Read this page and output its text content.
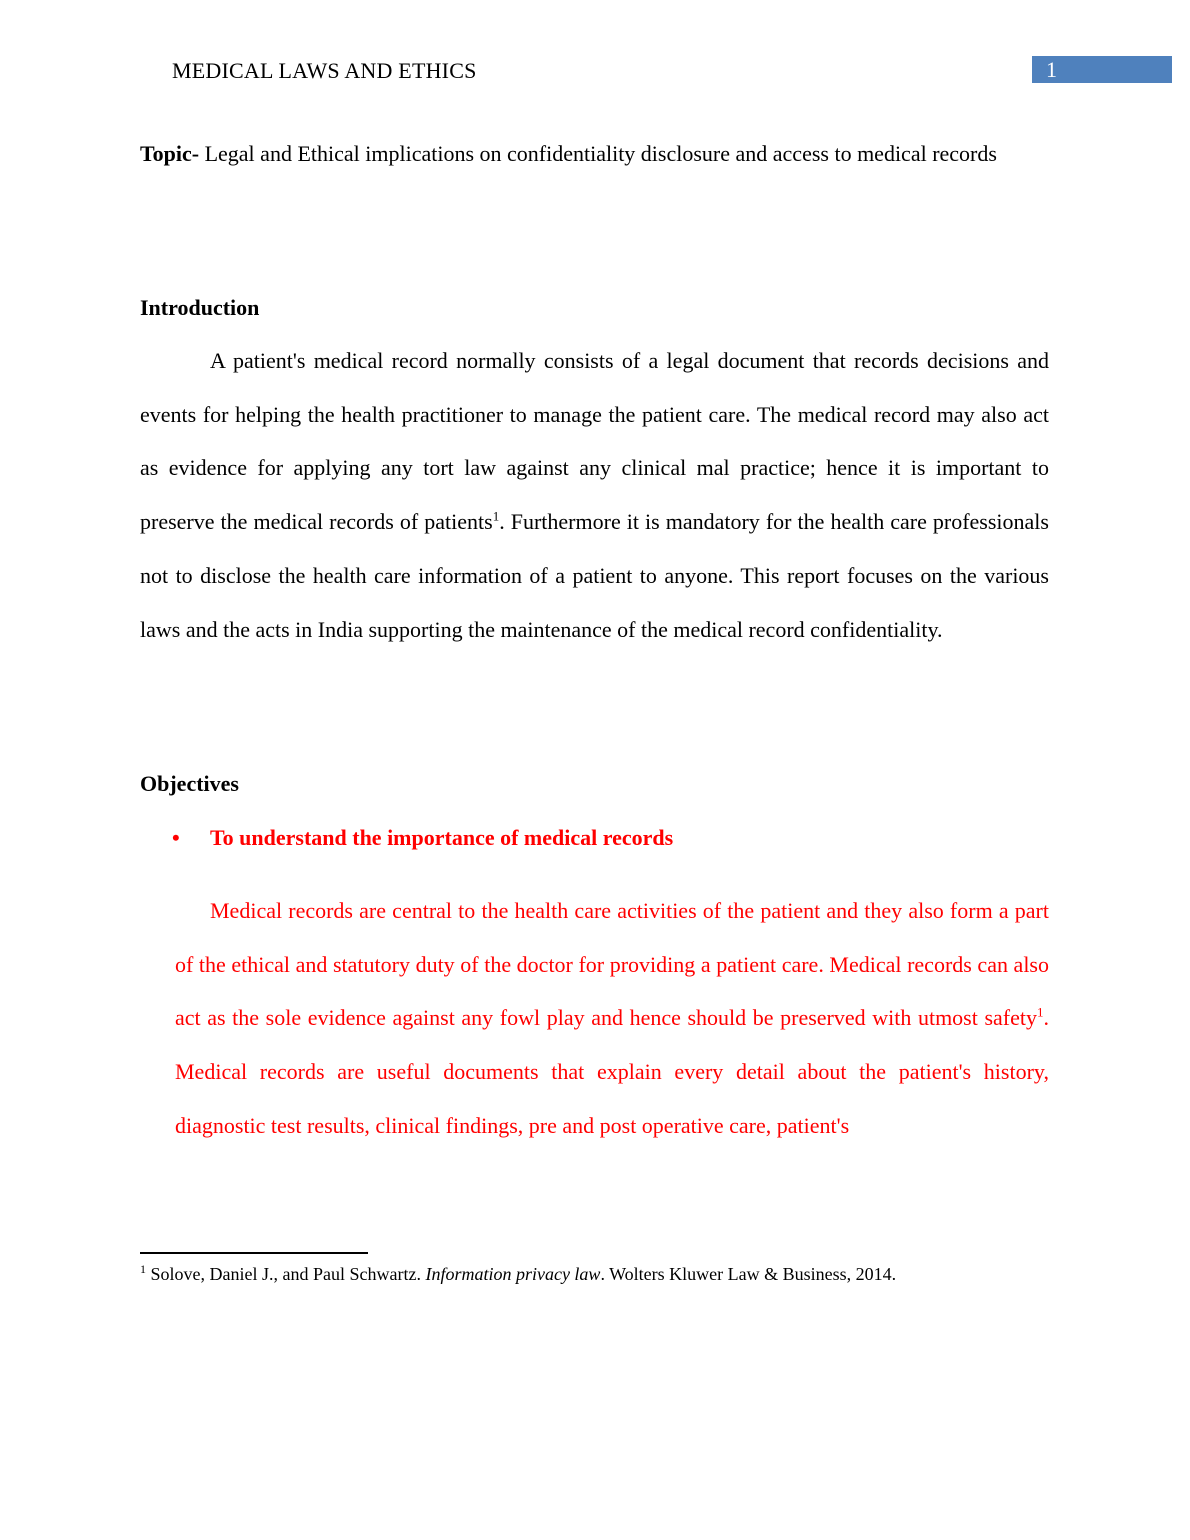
MEDICAL LAWS AND ETHICS	1
Topic- Legal and Ethical implications on confidentiality disclosure and access to medical records
Introduction

A patient's medical record normally consists of a legal document that records decisions and events for helping the health practitioner to manage the patient care. The medical record may also act as evidence for applying any tort law against any clinical mal practice; hence it is important to preserve the medical records of patients$^1$. Furthermore it is mandatory for the health care professionals not to disclose the health care information of a patient to anyone. This report focuses on the various laws and the acts in India supporting the maintenance of the medical record confidentiality.

Objectives
• To understand the importance of medical records

Medical records are central to the health care activities of the patient and they also form a part of the ethical and statutory duty of the doctor for providing a patient care. Medical records can also act as the sole evidence against any fowl play and hence should be preserved with utmost safety$^1$. Medical records are useful documents that explain every detail about the patient's history, diagnostic test results, clinical findings, pre and post operative care, patient's

$^1$ Solove, Daniel J., and Paul Schwartz. Information privacy law. Wolters Kluwer Law & Business, 2014.
